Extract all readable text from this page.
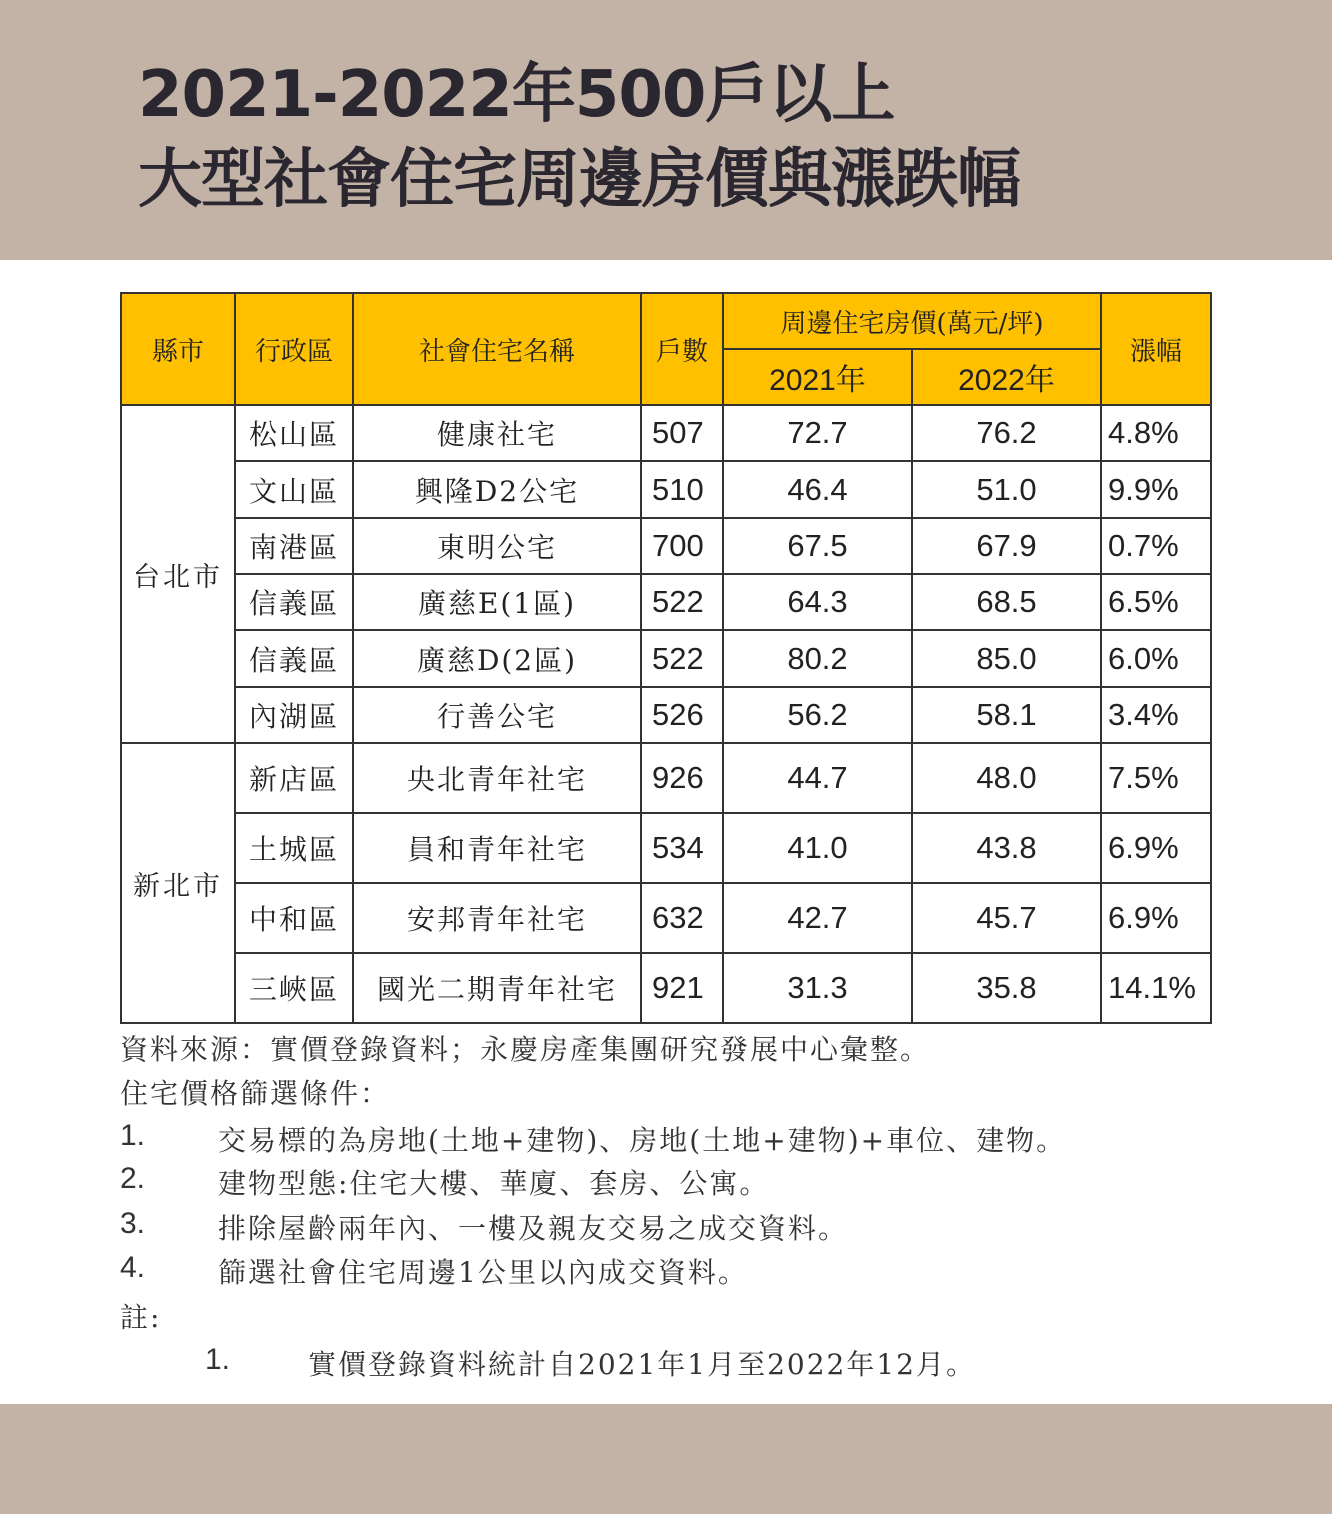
2021-2022年500戶以上
大型社會住宅周邊房價與漲跌幅
縣市	行政區	社會住宅名稱	戶數	周邊住宅房價(萬元/坪)		漲幅
				2021年	2022年	
台北市	松山區	健康社宅	507	72.7	76.2	4.8%
	文山區	興隆D2公宅	510	46.4	51.0	9.9%
	南港區	東明公宅	700	67.5	67.9	0.7%
	信義區	廣慈E(1區)	522	64.3	68.5	6.5%
	信義區	廣慈D(2區)	522	80.2	85.0	6.0%
	內湖區	行善公宅	526	56.2	58.1	3.4%
新北市	新店區	央北青年社宅	926	44.7	48.0	7.5%
	土城區	員和青年社宅	534	41.0	43.8	6.9%
	中和區	安邦青年社宅	632	42.7	45.7	6.9%
	三峽區	國光二期青年社宅	921	31.3	35.8	14.1%
資料來源：實價登錄資料；永慶房產集團研究發展中心彙整。
住宅價格篩選條件：
1.	交易標的為房地(土地+建物)、房地(土地+建物)+車位、建物。
2.	建物型態:住宅大樓、華廈、套房、公寓。
3.	排除屋齡兩年內、一樓及親友交易之成交資料。
4.	篩選社會住宅周邊1公里以內成交資料。
註:
1.	實價登錄資料統計自2021年1月至2022年12月。
